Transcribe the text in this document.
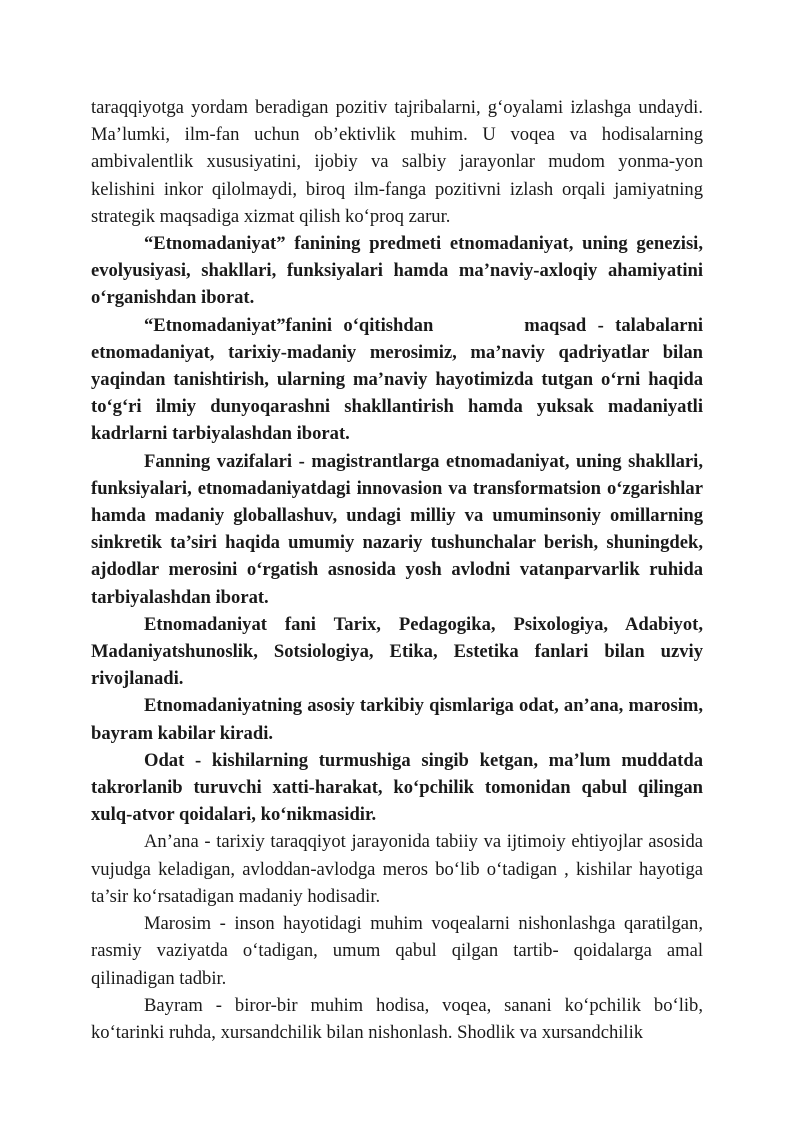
taraqqiyotga yordam beradigan pozitiv tajribalarni, g‘oyalami izlashga undaydi. Ma’lumki, ilm-fan uchun ob’ektivlik muhim. U voqea va hodisalarning ambivalentlik xususiyatini, ijobiy va salbiy jarayonlar mudom yonma-yon kelishini inkor qilolmaydi, biroq ilm-fanga pozitivni izlash orqali jamiyatning strategik maqsadiga xizmat qilish ko‘proq zarur.

“Etnomadaniyat” fanining predmeti etnomadaniyat, uning genezisi, evolyusiyasi, shakllari, funksiyalari hamda ma’naviy-axloqiy ahamiyatini o‘rganishdan iborat.

“Etnomadaniyat”fanini o‘qitishdan        maqsad - talabalarni etnomadaniyat, tarixiy-madaniy merosimiz, ma’naviy qadriyatlar bilan yaqindan tanishtirish, ularning ma’naviy hayotimizda tutgan o‘rni haqida to‘g‘ri ilmiy dunyoqarashni shakllantirish hamda yuksak madaniyatli kadrlarni tarbiyalashdan iborat.

Fanning vazifalari - magistrantlarga etnomadaniyat, uning shakllari, funksiyalari, etnomadaniyatdagi innovasion va transformatsion o‘zgarishlar hamda madaniy globallashuv, undagi milliy va umuminsoniy omillarning sinkretik ta’siri haqida umumiy nazariy tushunchalar berish, shuningdek, ajdodlar merosini o‘rgatish asnosida yosh avlodni vatanparvarlik ruhida tarbiyalashdan iborat.

Etnomadaniyat fani Tarix, Pedagogika, Psixologiya, Adabiyot, Madaniyatshunoslik, Sotsiologiya, Etika, Estetika fanlari bilan uzviy rivojlanadi.

Etnomadaniyatning asosiy tarkibiy qismlariga odat, an’ana, marosim, bayram kabilar kiradi.

Odat - kishilarning turmushiga singib ketgan, ma’lum muddatda takrorlanib turuvchi xatti-harakat, ko‘pchilik tomonidan qabul qilingan xulq-atvor qoidalari, ko‘nikmasidir.

An’ana - tarixiy taraqqiyot jarayonida tabiiy va ijtimoiy ehtiyojlar asosida vujudga keladigan, avloddan-avlodga meros bo‘lib o‘tadigan , kishilar hayotiga ta’sir ko‘rsatadigan madaniy hodisadir.

Marosim - inson hayotidagi muhim voqealarni nishonlashga qaratilgan, rasmiy vaziyatda o‘tadigan, umum qabul qilgan tartib- qoidalarga amal qilinadigan tadbir.

Bayram - biror-bir muhim hodisa, voqea, sanani ko‘pchilik bo‘lib, ko‘tarinki ruhda, xursandchilik bilan nishonlash. Shodlik va xursandchilik
